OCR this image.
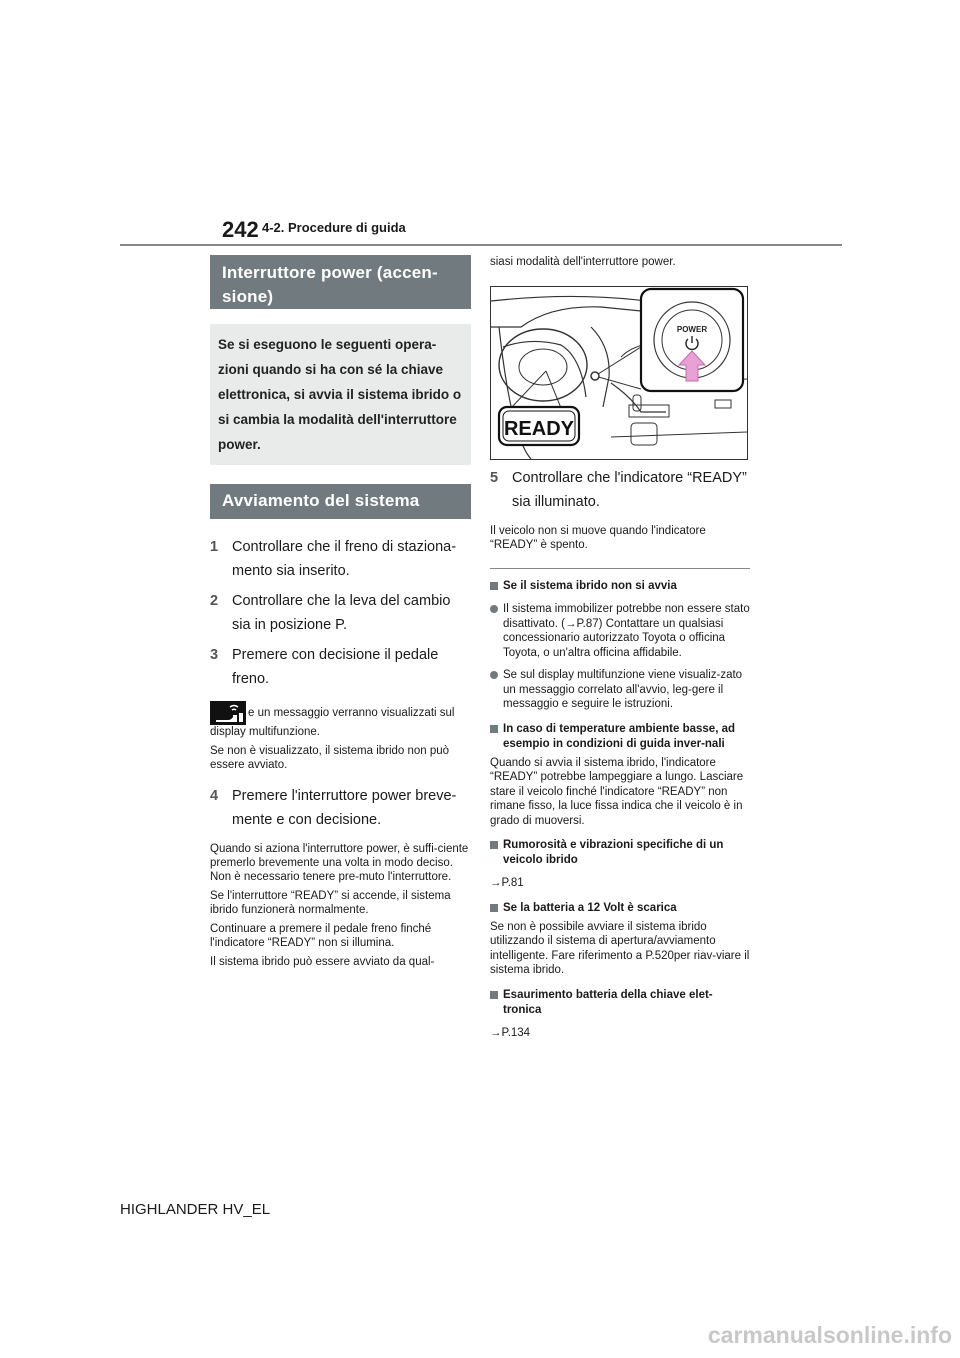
242 4-2. Procedure di guida
Interruttore power (accen-sione)
Se si eseguono le seguenti opera-zioni quando si ha con sé la chiave elettronica, si avvia il sistema ibrido o si cambia la modalità dell'interruttore power.
Avviamento del sistema ibrido
1 Controllare che il freno di staziona-mento sia inserito.
2 Controllare che la leva del cambio sia in posizione P.
3 Premere con decisione il pedale freno.
e un messaggio verranno visualizzati sul display multifunzione.
Se non è visualizzato, il sistema ibrido non può essere avviato.
4 Premere l'interruttore power breve-mente e con decisione.
Quando si aziona l'interruttore power, è suffi-ciente premerlo brevemente una volta in modo deciso. Non è necessario tenere pre-muto l'interruttore.
Se l'interruttore “READY” si accende, il sistema ibrido funzionerà normalmente.
Continuare a premere il pedale freno finché l'indicatore “READY” non si illumina.
Il sistema ibrido può essere avviato da qual-
siasi modalità dell'interruttore power.
READY
POWER
5 Controllare che l'indicatore “READY” sia illuminato.
Il veicolo non si muove quando l'indicatore “READY” è spento.
Se il sistema ibrido non si avvia
Il sistema immobilizer potrebbe non essere stato disattivato. (→P.87) Contattare un qualsiasi concessionario autorizzato Toyota o officina Toyota, o un'altra officina affidabile.
Se sul display multifunzione viene visualiz-zato un messaggio correlato all'avvio, leg-gere il messaggio e seguire le istruzioni.
In caso di temperature ambiente basse, ad esempio in condizioni di guida inver-nali
Quando si avvia il sistema ibrido, l'indicatore “READY” potrebbe lampeggiare a lungo. Lasciare stare il veicolo finché l'indicatore “READY” non rimane fisso, la luce fissa indica che il veicolo è in grado di muoversi.
Rumorosità e vibrazioni specifiche di un veicolo ibrido
→P.81
Se la batteria a 12 Volt è scarica
Se non è possibile avviare il sistema ibrido utilizzando il sistema di apertura/avviamento intelligente. Fare riferimento a P.520per riav-viare il sistema ibrido.
Esaurimento batteria della chiave elet-tronica
→P.134
HIGHLANDER HV_EL
carmanualsonline.info
